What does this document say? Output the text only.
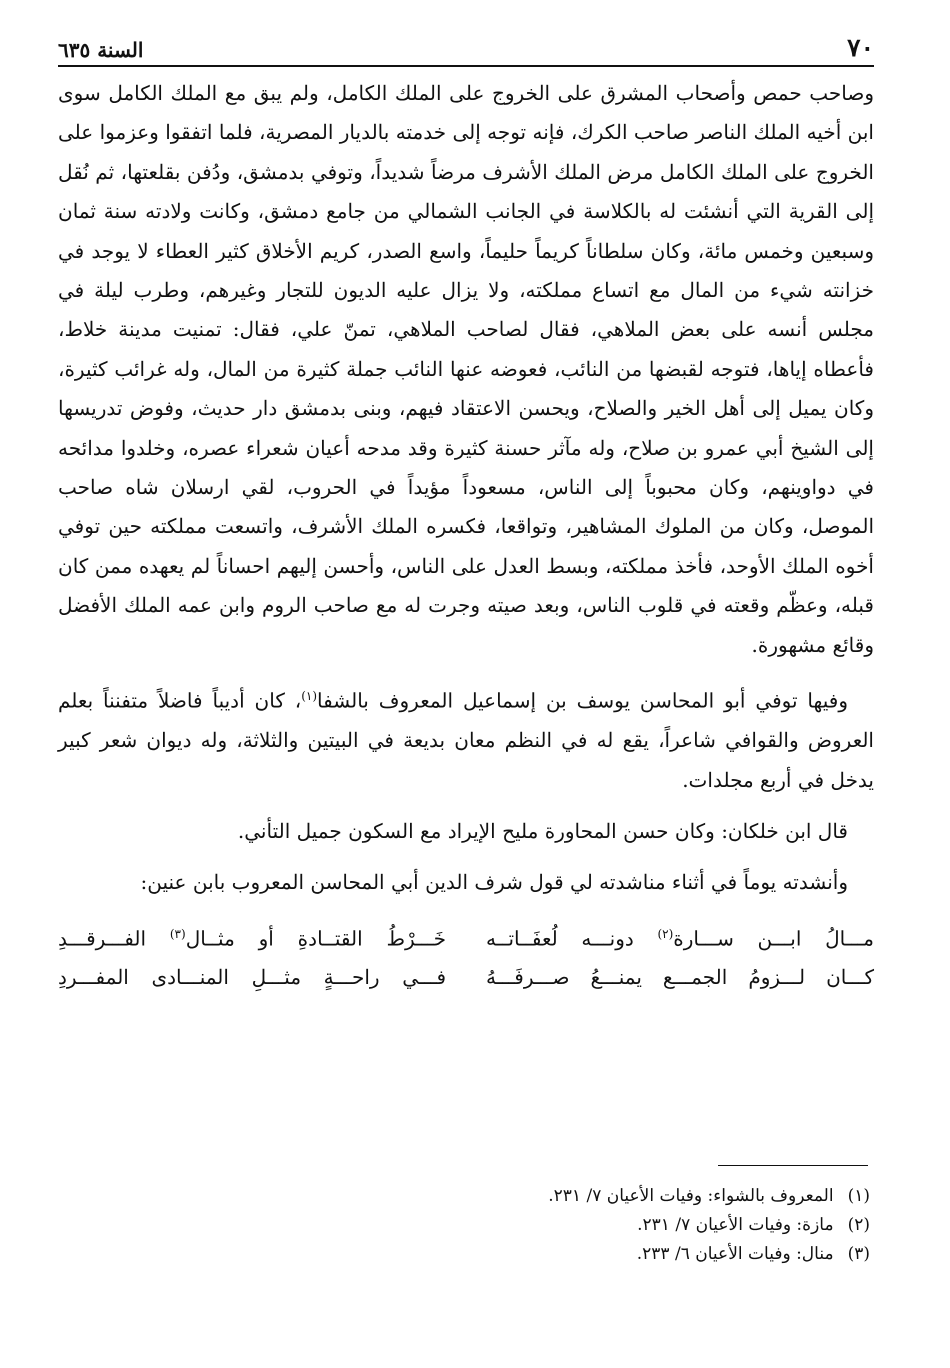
٧٠
السنة ٦٣٥

وصاحب حمص وأصحاب المشرق على الخروج على الملك الكامل، ولم يبق مع الملك الكامل سوى ابن أخيه الملك الناصر صاحب الكرك، فإنه توجه إلى خدمته بالديار المصرية، فلما اتفقوا وعزموا على الخروج على الملك الكامل مرض الملك الأشرف مرضاً شديداً، وتوفي بدمشق، ودُفن بقلعتها، ثم نُقل إلى القرية التي أنشئت له بالكلاسة في الجانب الشمالي من جامع دمشق، وكانت ولادته سنة ثمان وسبعين وخمس مائة، وكان سلطاناً كريماً حليماً، واسع الصدر، كريم الأخلاق كثير العطاء لا يوجد في خزانته شيء من المال مع اتساع مملكته، ولا يزال عليه الديون للتجار وغيرهم، وطرب ليلة في مجلس أنسه على بعض الملاهي، فقال لصاحب الملاهي، تمنّ علي، فقال: تمنيت مدينة خلاط، فأعطاه إياها، فتوجه لقبضها من النائب، فعوضه عنها النائب جملة كثيرة من المال، وله غرائب كثيرة، وكان يميل إلى أهل الخير والصلاح، ويحسن الاعتقاد فيهم، وبنى بدمشق دار حديث، وفوض تدريسها إلى الشيخ أبي عمرو بن صلاح، وله مآثر حسنة كثيرة وقد مدحه أعيان شعراء عصره، وخلدوا مدائحه في دواوينهم، وكان محبوباً إلى الناس، مسعوداً مؤيداً في الحروب، لقي ارسلان شاه صاحب الموصل، وكان من الملوك المشاهير، وتواقعا، فكسره الملك الأشرف، واتسعت مملكته حين توفي أخوه الملك الأوحد، فأخذ مملكته، وبسط العدل على الناس، وأحسن إليهم احساناً لم يعهده ممن كان قبله، وعظّم وقعته في قلوب الناس، وبعد صيته وجرت له مع صاحب الروم وابن عمه الملك الأفضل وقائع مشهورة.

وفيها توفي أبو المحاسن يوسف بن إسماعيل المعروف بالشفا$^{(١)}$، كان أديباً فاضلاً متفنناً بعلم العروض والقوافي شاعراً، يقع له في النظم معان بديعة في البيتين والثلاثة، وله ديوان شعر كبير يدخل في أربع مجلدات.

قال ابن خلكان: وكان حسن المحاورة مليح الإيراد مع السكون جميل التأني.

وأنشدته يوماً في أثناء مناشدته لي قول شرف الدين أبي المحاسن المعروب بابن عنين:

مـــالُ ابـــن ســـارة$^{(٢)}$ دونـــه لُعفَــاتــه
خَـــرْطُ القتــادةِ أو مثــال$^{(٣)}$ الفـــرقـــدِ
كـــان لـــزومُ الجمـــع يمنـــعُ صـــرفَـــهُ
فـــي راحـــةٍ مثـــلِ المنـــادى المفـــردِ
(١)المعروف بالشواء: وفيات الأعيان ٧/ ٢٣١.
(٢)مازة: وفيات الأعيان ٧/ ٢٣١.
(٣)منال: وفيات الأعيان ٦/ ٢٣٣.
